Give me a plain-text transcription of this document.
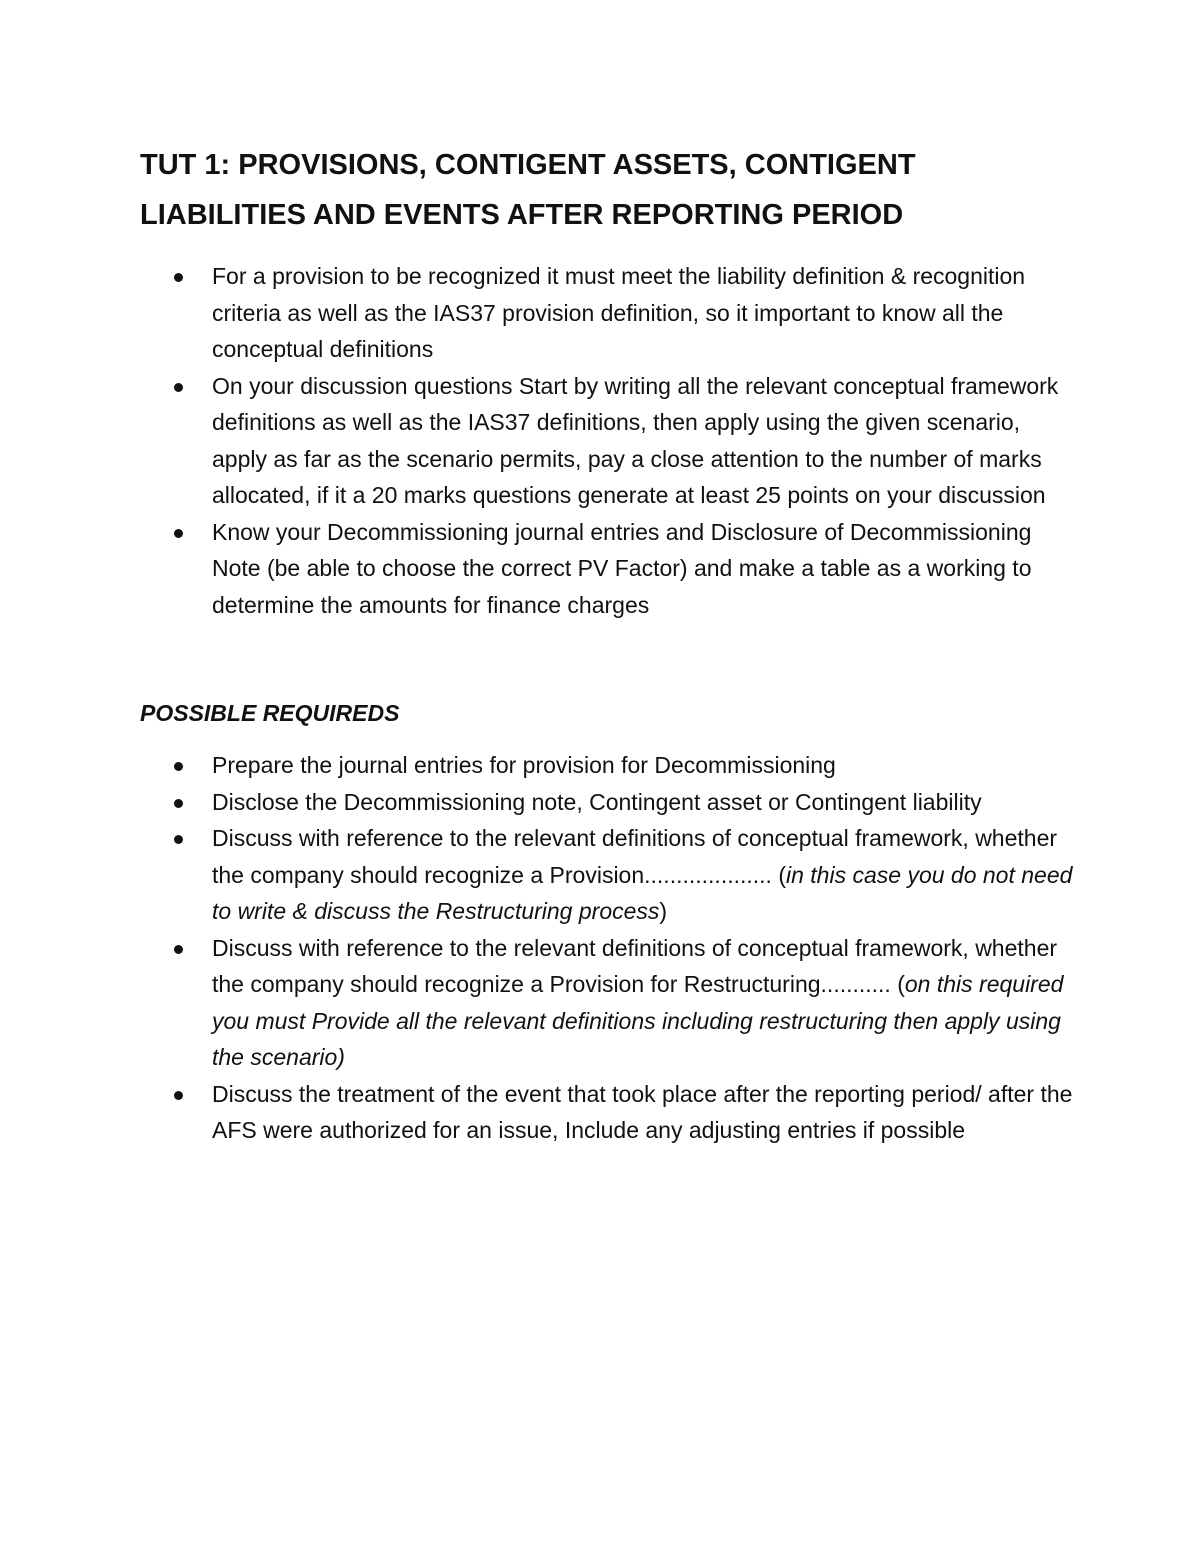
TUT 1: PROVISIONS, CONTIGENT ASSETS, CONTIGENT
LIABILITIES AND EVENTS AFTER REPORTING PERIOD
For a provision to be recognized it must meet the liability definition & recognition criteria as well as the IAS37 provision definition, so it important to know all the conceptual definitions
On your discussion questions Start by writing all the relevant conceptual framework definitions as well as the IAS37 definitions, then apply using the given scenario, apply as far as the scenario permits, pay a close attention to the number of marks allocated, if it a 20 marks questions generate at least 25 points on your discussion
Know your Decommissioning journal entries and Disclosure of Decommissioning Note (be able to choose the correct PV Factor) and make a table as a working to determine the amounts for finance charges
POSSIBLE REQUIREDS
Prepare the journal entries for provision for Decommissioning
Disclose the Decommissioning note, Contingent asset or Contingent liability
Discuss with reference to the relevant definitions of conceptual framework, whether the company should recognize a Provision.................... (in this case you do not need to write & discuss the Restructuring process)
Discuss with reference to the relevant definitions of conceptual framework, whether the company should recognize a Provision for Restructuring........... (on this required you must Provide all the relevant definitions including restructuring then apply using the scenario)
Discuss the treatment of the event that took place after the reporting period/ after the AFS were authorized for an issue, Include any adjusting entries if possible
